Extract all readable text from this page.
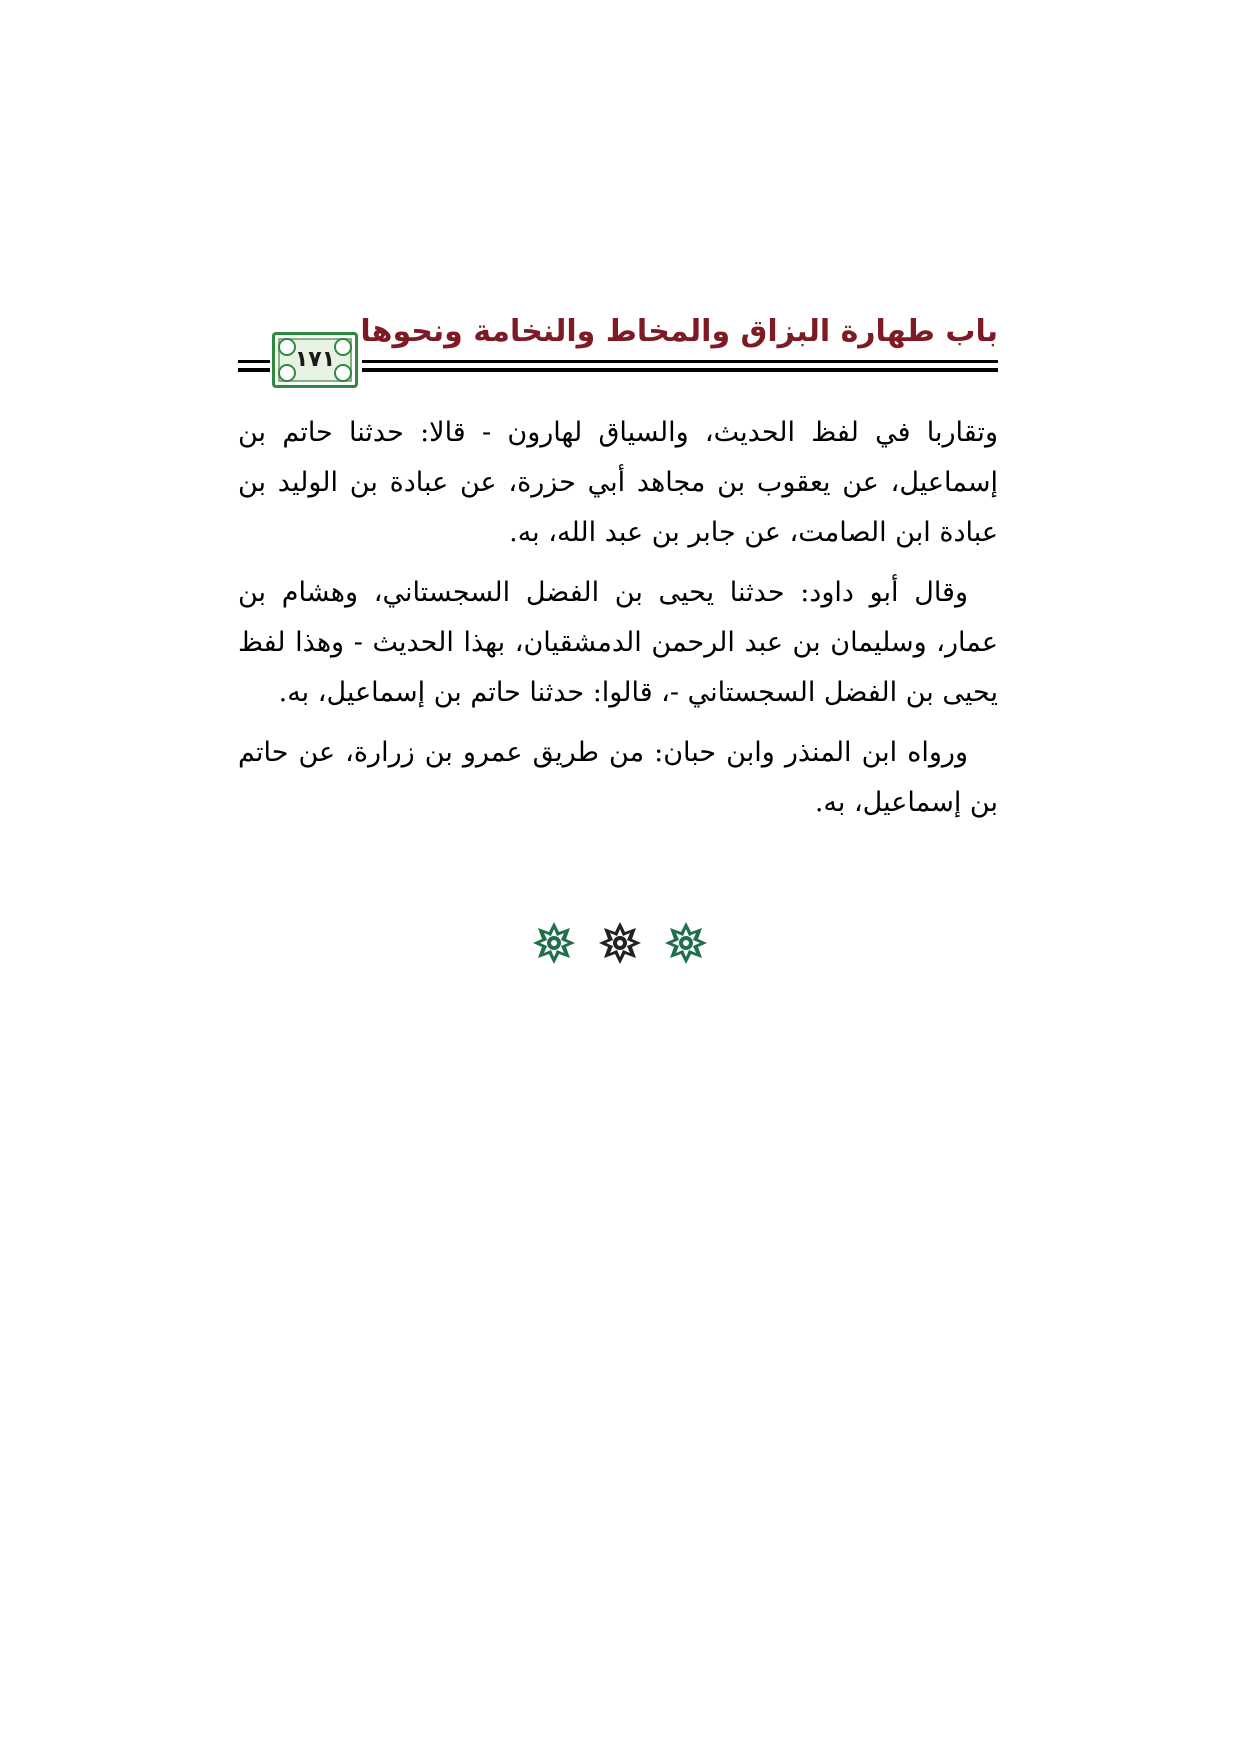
باب طهارة البزاق والمخاط والنخامة ونحوها
١٧١

وتقاربا في لفظ الحديث، والسياق لهارون - قالا: حدثنا حاتم بن إسماعيل، عن يعقوب بن مجاهد أبي حزرة، عن عبادة بن الوليد بن عبادة ابن الصامت، عن جابر بن عبد الله، به.

وقال أبو داود: حدثنا يحيى بن الفضل السجستاني، وهشام بن عمار، وسليمان بن عبد الرحمن الدمشقيان، بهذا الحديث - وهذا لفظ يحيى بن الفضل السجستاني -، قالوا: حدثنا حاتم بن إسماعيل، به.

ورواه ابن المنذر وابن حبان: من طريق عمرو بن زرارة، عن حاتم بن إسماعيل، به.
